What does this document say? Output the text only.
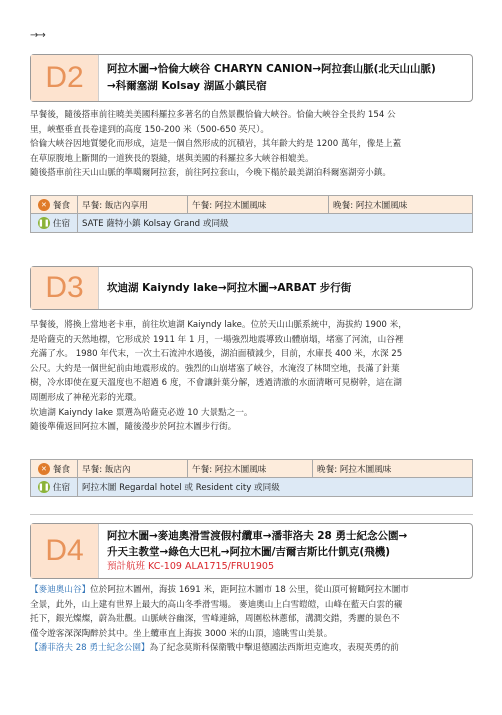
→→
D2	阿拉木圖→恰倫大峽谷 CHARYN CANION→阿拉套山脈(北天山山脈)
→科爾塞湖 Kolsay 湖區小鎮民宿
早餐後，隨後搭車前往曉美美國科羅拉多著名的自然景觀恰倫大峽谷。恰倫大峽谷全長約 154 公
里，峽壑垂直長卷達到的高度 150-200 米（500-650 英尺）。
恰倫大峽谷因地質變化而形成，這是一個自然形成的沉積岩，其年齡大約是 1200 萬年，像是上蓋
在草原腹地上斷開的一道狹長的裂縫，堪與美國的科羅拉多大峽谷相媲美。
隨後搭車前往天山山脈的準噶爾阿拉套，前往阿拉套山，今晚下榻於最美湖泊科爾塞湖旁小鎮。
✕ 餐食	早餐: 飯店內享用	午餐: 阿拉木圖風味	晚餐: 阿拉木圖風味
❚❚ 住宿	SATE 薩特小鎮 Kolsay Grand 或同級
D3	坎迪湖 Kaiyndy lake→阿拉木圖→ARBAT 步行街
早餐後，將換上當地老卡車，前往坎迪湖 Kaiyndy lake。位於天山山脈系統中，海拔約 1900 米，
是哈薩克的天然地標，它形成於 1911 年 1 月，一場強烈地震導致山體崩塌，堵塞了河流，山谷裡
充滿了水。 1980 年代末，一次土石流沖水過後，湖泊面積減少，目前，水庫長 400 米，水深 25
公尺。大約是一個世紀前由地震形成的。強烈的山崩堵塞了峽谷，水淹沒了林間空地，長滿了針葉
樹，冷水即使在夏天溫度也不超過 6 度，不會讓針葉分解，透過清澈的水面清晰可見樹幹，這在湖
周圍形成了神秘光彩的光環。
坎迪湖 Kaiyndy lake 票選為哈薩克必遊 10 大景點之一。
隨後準備返回阿拉木圖，隨後漫步於阿拉木圖步行街。
✕ 餐食	早餐: 飯店內	午餐: 阿拉木圖風味	晚餐: 阿拉木圖風味
❚❚ 住宿	阿拉木圖 Regardal hotel 或 Resident city 或同級
D4	阿拉木圖→麥迪奧滑雪渡假村纜車→潘菲洛夫 28 勇士紀念公園→
升天主教堂→綠色大巴札→阿拉木圖/吉爾吉斯比什凱克(飛機)
預計航班 KC-109 ALA1715/FRU1905
【麥迪奧山谷】位於阿拉木圖州，海拔 1691 米，距阿拉木圖市 18 公里，從山頂可俯瞰阿拉木圖市
全景，此外，山上建有世界上最大的高山冬季滑雪場。 麥迪奧山上白雪皚皚，山峰在藍天白雲的襯
托下，銀光燦燦，蔚為壯觀。山脈峽谷幽深，雪峰連綿，周圍松林蔥郁，溝澗交錯，秀麗的景色不
僅令遊客深深陶醉於其中。坐上纜車直上海拔 3000 米的山頂，遠眺雪山美景。
【潘菲洛夫 28 勇士紀念公園】為了紀念莫斯科保衛戰中擊退德國法西斯坦克進攻，表現英勇的前
